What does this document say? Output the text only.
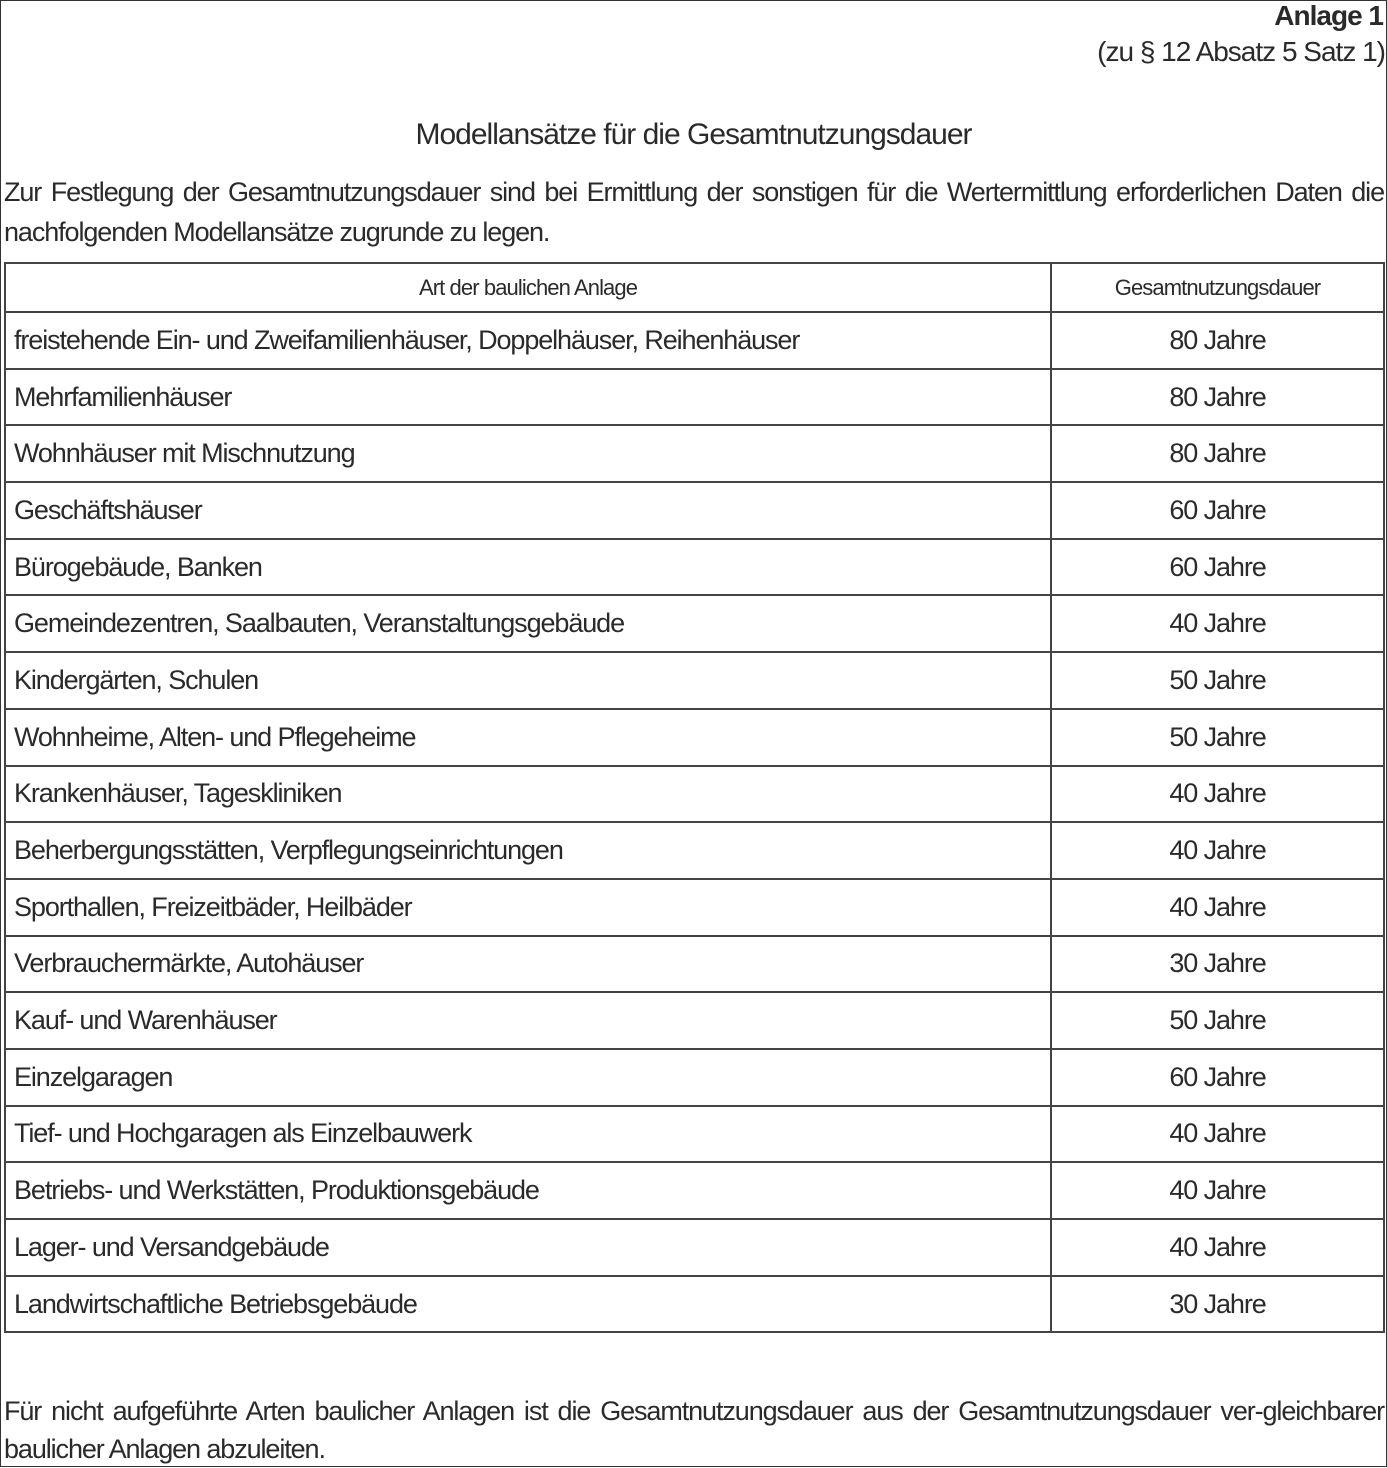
Anlage 1
(zu § 12 Absatz 5 Satz 1)
Modellansätze für die Gesamtnutzungsdauer
Zur Festlegung der Gesamtnutzungsdauer sind bei Ermittlung der sonstigen für die Wertermittlung erforderlichen Daten die nachfolgenden Modellansätze zugrunde zu legen.
Art der baulichen Anlage	Gesamtnutzungsdauer
freistehende Ein- und Zweifamilienhäuser, Doppelhäuser, Reihenhäuser	80 Jahre
Mehrfamilienhäuser	80 Jahre
Wohnhäuser mit Mischnutzung	80 Jahre
Geschäftshäuser	60 Jahre
Bürogebäude, Banken	60 Jahre
Gemeindezentren, Saalbauten, Veranstaltungsgebäude	40 Jahre
Kindergärten, Schulen	50 Jahre
Wohnheime, Alten- und Pflegeheime	50 Jahre
Krankenhäuser, Tageskliniken	40 Jahre
Beherbergungsstätten, Verpflegungseinrichtungen	40 Jahre
Sporthallen, Freizeitbäder, Heilbäder	40 Jahre
Verbrauchermärkte, Autohäuser	30 Jahre
Kauf- und Warenhäuser	50 Jahre
Einzelgaragen	60 Jahre
Tief- und Hochgaragen als Einzelbauwerk	40 Jahre
Betriebs- und Werkstätten, Produktionsgebäude	40 Jahre
Lager- und Versandgebäude	40 Jahre
Landwirtschaftliche Betriebsgebäude	30 Jahre
Für nicht aufgeführte Arten baulicher Anlagen ist die Gesamtnutzungsdauer aus der Gesamtnutzungsdauer ver-gleichbarer baulicher Anlagen abzuleiten.
